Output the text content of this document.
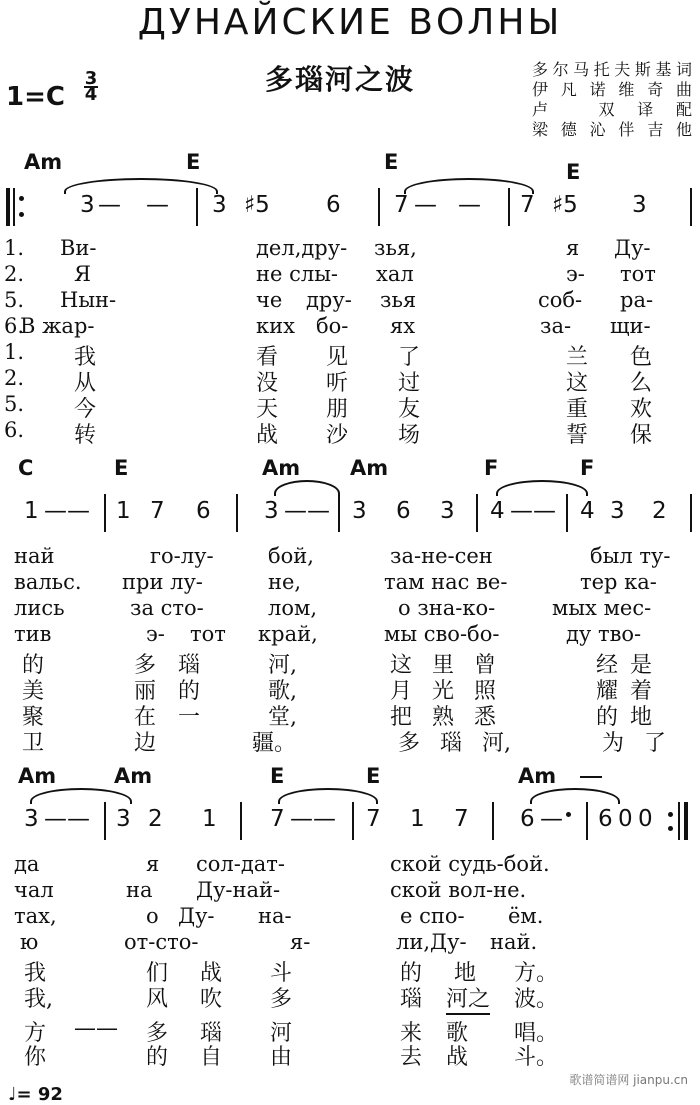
ДУНАЙСКИЕ ВОЛНЫ
多瑙河之波
1=C
3
4
多尔马托夫斯基词
伊凡诺维奇曲
卢 双译配
梁德沁伴吉他
Am	E	E	E
3 — — 3 ♯5 6 7 — — 7 ♯5 3
1.
2.
5.
6.
1.
2.
5.
6.
Ви-	дел,дру- зья,	я Ду-
Я	не слы- хал	э- тот
Нын-	че дру- зья	соб- ра-
В жар-	ких бо- ях	за- щи-
我	看 见 了	兰 色
从	没 听 过	这 么
今	天 朋 友	重 欢
转	战 沙 场	誓 保
C	E	Am Am	F	F
1 —— 1 7 6 3 —— 3 6 3 4 —— 4 3 2
най	го-лу-	бой,	за-не-сен	был ту-
вальс. при лу-	не,	там нас ве-	тер ка-
лись	за сто-	лом,	о зна-ко-	мых мес-
тив	э- тот край,	мы сво-бо-	ду тво-
的	多 瑙	河,	这 里 曾	经 是
美	丽 的	歌,	月 光 照	耀 着
聚	在 一	堂,	把 熟 悉	的 地
卫	边	疆。	多 瑙 河,	为 了
Am	Am	E	E	Am
3 —— 3 2 1 7 —— 7 1 7 6 — 6 0 0
да	я сол-дат-	ской судь-бой.
чал	на Ду-най-	ской вол-не.
тах,	о Ду- на-	е спо- ём.
ю	от-сто-	я-	ли,Ду- най.
我	们 战 斗	的 地 方。
我,	风 吹 多	瑙 河之 波。
方 —— 多 瑙 河	来 歌 唱。
你	的 自 由	去 战 斗。
♩= 92
歌谱简谱网 jianpu.cn
